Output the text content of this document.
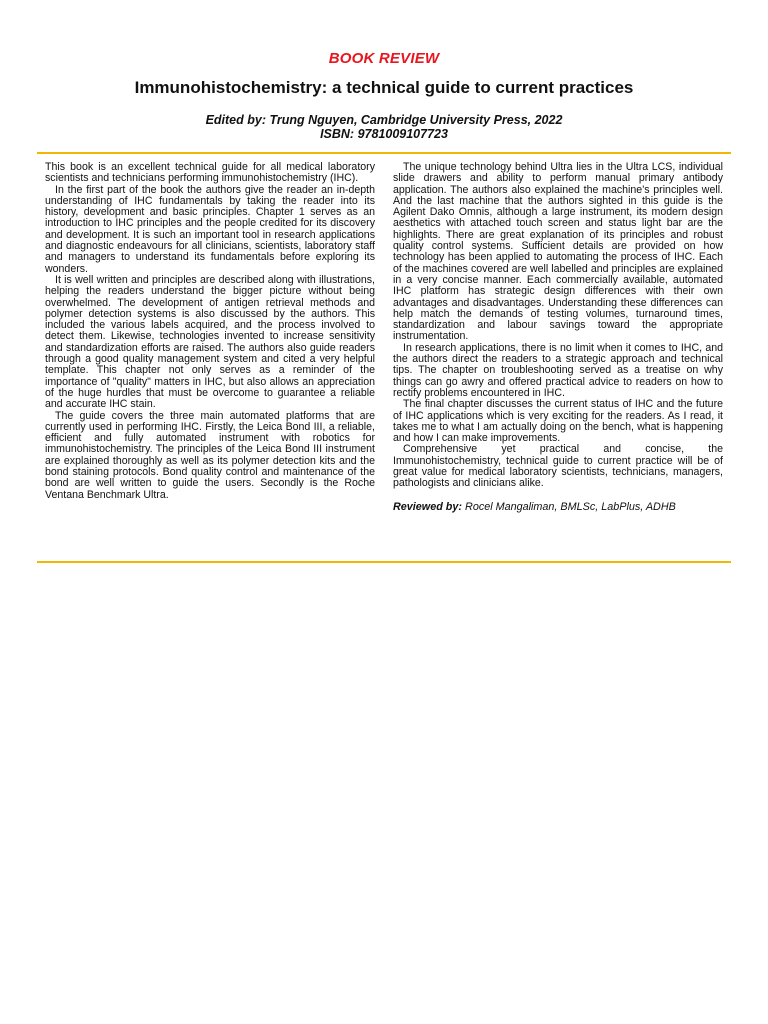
BOOK REVIEW
Immunohistochemistry: a technical guide to current practices
Edited by: Trung Nguyen, Cambridge University Press, 2022
ISBN: 9781009107723

This book is an excellent technical guide for all medical laboratory scientists and technicians performing immunohistochemistry (IHC).

In the first part of the book the authors give the reader an in-depth understanding of IHC fundamentals by taking the reader into its history, development and basic principles. Chapter 1 serves as an introduction to IHC principles and the people credited for its discovery and development. It is such an important tool in research applications and diagnostic endeavours for all clinicians, scientists, laboratory staff and managers to understand its fundamentals before exploring its wonders.

It is well written and principles are described along with illustrations, helping the readers understand the bigger picture without being overwhelmed. The development of antigen retrieval methods and polymer detection systems is also discussed by the authors. This included the various labels acquired, and the process involved to detect them. Likewise, technologies invented to increase sensitivity and standardization efforts are raised. The authors also guide readers through a good quality management system and cited a very helpful template. This chapter not only serves as a reminder of the importance of "quality" matters in IHC, but also allows an appreciation of the huge hurdles that must be overcome to guarantee a reliable and accurate IHC stain.

The guide covers the three main automated platforms that are currently used in performing IHC. Firstly, the Leica Bond III, a reliable, efficient and fully automated instrument with robotics for immunohistochemistry. The principles of the Leica Bond III instrument are explained thoroughly as well as its polymer detection kits and the bond staining protocols. Bond quality control and maintenance of the bond are well written to guide the users. Secondly is the Roche Ventana Benchmark Ultra.

The unique technology behind Ultra lies in the Ultra LCS, individual slide drawers and ability to perform manual primary antibody application. The authors also explained the machine's principles well. And the last machine that the authors sighted in this guide is the Agilent Dako Omnis, although a large instrument, its modern design aesthetics with attached touch screen and status light bar are the highlights. There are great explanation of its principles and robust quality control systems. Sufficient details are provided on how technology has been applied to automating the process of IHC. Each of the machines covered are well labelled and principles are explained in a very concise manner. Each commercially available, automated IHC platform has strategic design differences with their own advantages and disadvantages. Understanding these differences can help match the demands of testing volumes, turnaround times, standardization and labour savings toward the appropriate instrumentation.

In research applications, there is no limit when it comes to IHC, and the authors direct the readers to a strategic approach and technical tips. The chapter on troubleshooting served as a treatise on why things can go awry and offered practical advice to readers on how to rectify problems encountered in IHC.

The final chapter discusses the current status of IHC and the future of IHC applications which is very exciting for the readers. As I read, it takes me to what I am actually doing on the bench, what is happening and how I can make improvements.

Comprehensive yet practical and concise, the Immunohistochemistry, technical guide to current practice will be of great value for medical laboratory scientists, technicians, managers, pathologists and clinicians alike.

Reviewed by: Rocel Mangaliman, BMLSc, LabPlus, ADHB
